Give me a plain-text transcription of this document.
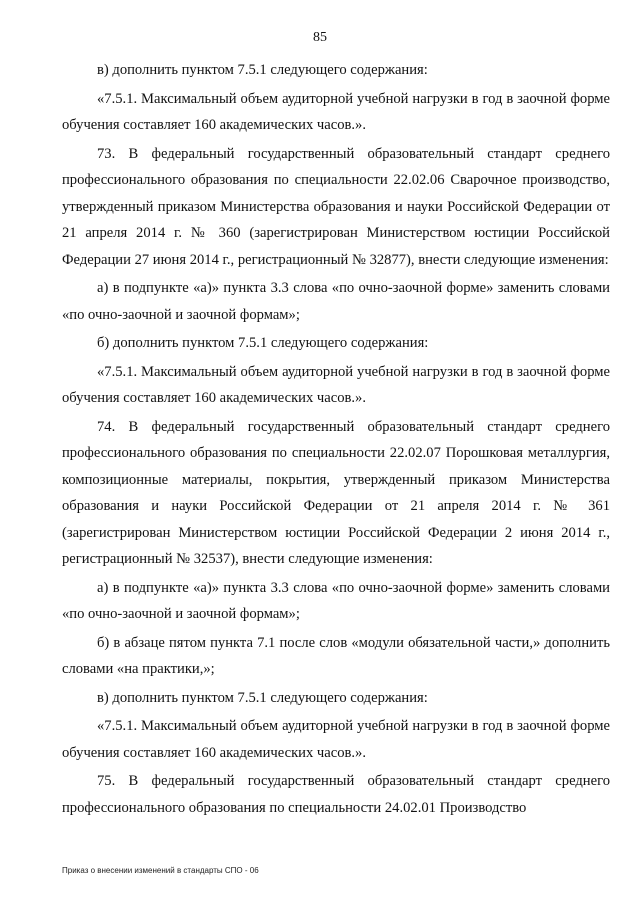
85

в) дополнить пунктом 7.5.1 следующего содержания:

«7.5.1. Максимальный объем аудиторной учебной нагрузки в год в заочной форме обучения составляет 160 академических часов.».

73. В федеральный государственный образовательный стандарт среднего профессионального образования по специальности 22.02.06 Сварочное производство, утвержденный приказом Министерства образования и науки Российской Федерации от 21 апреля 2014 г. № 360 (зарегистрирован Министерством юстиции Российской Федерации 27 июня 2014 г., регистрационный № 32877), внести следующие изменения:

а) в подпункте «а)» пункта 3.3 слова «по очно-заочной форме» заменить словами «по очно-заочной и заочной формам»;

б) дополнить пунктом 7.5.1 следующего содержания:

«7.5.1. Максимальный объем аудиторной учебной нагрузки в год в заочной форме обучения составляет 160 академических часов.».

74. В федеральный государственный образовательный стандарт среднего профессионального образования по специальности 22.02.07 Порошковая металлургия, композиционные материалы, покрытия, утвержденный приказом Министерства образования и науки Российской Федерации от 21 апреля 2014 г. № 361 (зарегистрирован Министерством юстиции Российской Федерации 2 июня 2014 г., регистрационный № 32537), внести следующие изменения:

а) в подпункте «а)» пункта 3.3 слова «по очно-заочной форме» заменить словами «по очно-заочной и заочной формам»;

б) в абзаце пятом пункта 7.1 после слов «модули обязательной части,» дополнить словами «на практики,»;

в) дополнить пунктом 7.5.1 следующего содержания:

«7.5.1. Максимальный объем аудиторной учебной нагрузки в год в заочной форме обучения составляет 160 академических часов.».

75. В федеральный государственный образовательный стандарт среднего профессионального образования по специальности 24.02.01 Производство

Приказ о внесении изменений в стандарты СПО - 06
